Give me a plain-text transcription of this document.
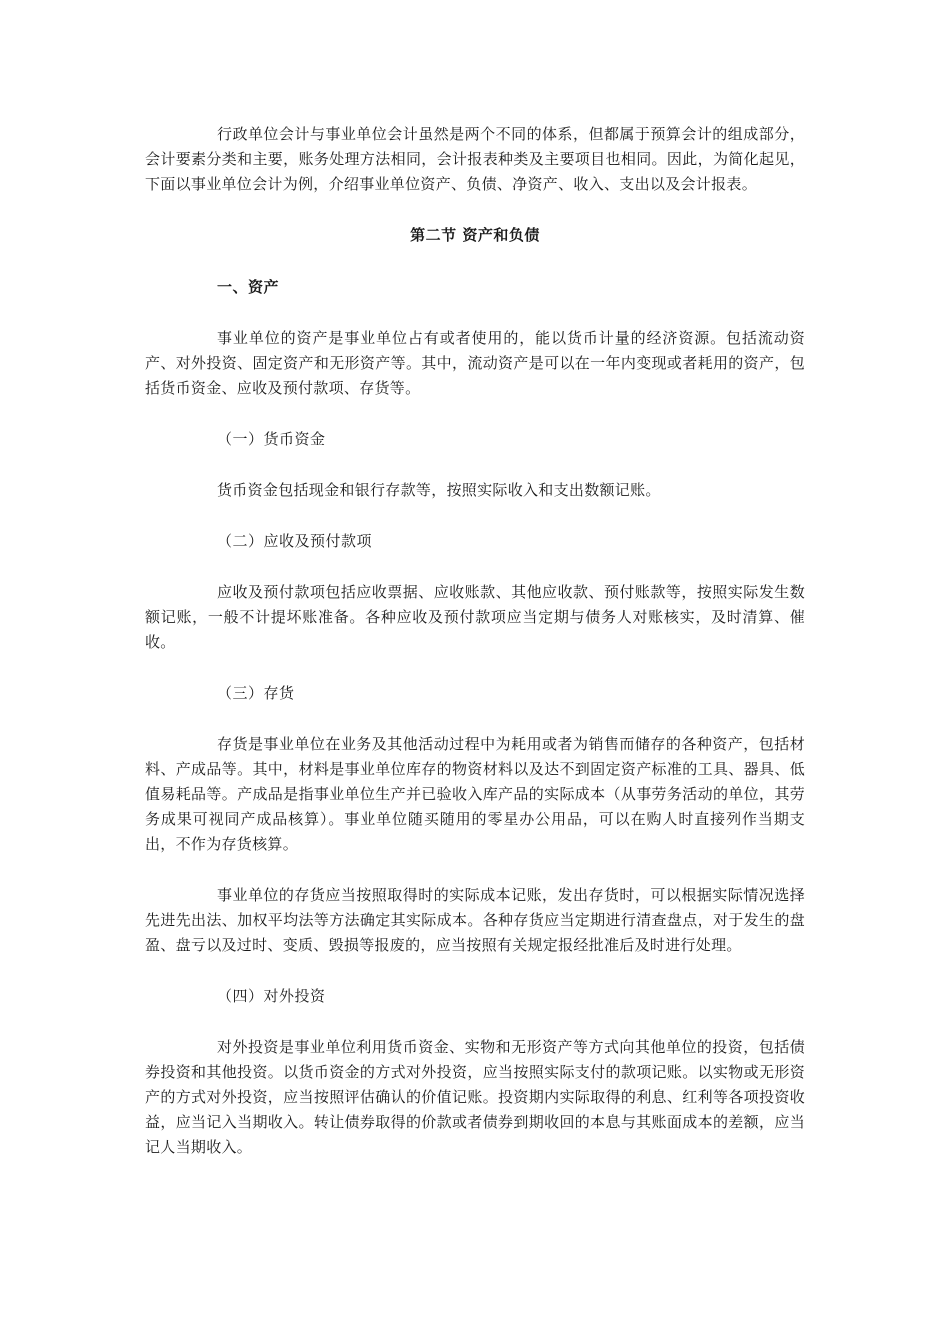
行政单位会计与事业单位会计虽然是两个不同的体系，但都属于预算会计的组成部分，会计要素分类和主要，账务处理方法相同，会计报表种类及主要项目也相同。因此，为简化起见，下面以事业单位会计为例，介绍事业单位资产、负债、净资产、收入、支出以及会计报表。

第二节 资产和负债
一、资产

事业单位的资产是事业单位占有或者使用的，能以货币计量的经济资源。包括流动资产、对外投资、固定资产和无形资产等。其中，流动资产是可以在一年内变现或者耗用的资产，包括货币资金、应收及预付款项、存货等。

（一）货币资金

货币资金包括现金和银行存款等，按照实际收入和支出数额记账。

（二）应收及预付款项

应收及预付款项包括应收票据、应收账款、其他应收款、预付账款等，按照实际发生数额记账，一般不计提坏账准备。各种应收及预付款项应当定期与债务人对账核实，及时清算、催收。

（三）存货

存货是事业单位在业务及其他活动过程中为耗用或者为销售而储存的各种资产，包括材料、产成品等。其中，材料是事业单位库存的物资材料以及达不到固定资产标准的工具、器具、低值易耗品等。产成品是指事业单位生产并已验收入库产品的实际成本（从事劳务活动的单位，其劳务成果可视同产成品核算）。事业单位随买随用的零星办公用品，可以在购人时直接列作当期支出，不作为存货核算。

事业单位的存货应当按照取得时的实际成本记账，发出存货时，可以根据实际情况选择先进先出法、加权平均法等方法确定其实际成本。各种存货应当定期进行清查盘点，对于发生的盘盈、盘亏以及过时、变质、毁损等报废的，应当按照有关规定报经批准后及时进行处理。

（四）对外投资

对外投资是事业单位利用货币资金、实物和无形资产等方式向其他单位的投资，包括债券投资和其他投资。以货币资金的方式对外投资，应当按照实际支付的款项记账。以实物或无形资产的方式对外投资，应当按照评估确认的价值记账。投资期内实际取得的利息、红利等各项投资收益，应当记入当期收入。转让债券取得的价款或者债券到期收回的本息与其账面成本的差额，应当记人当期收入。
